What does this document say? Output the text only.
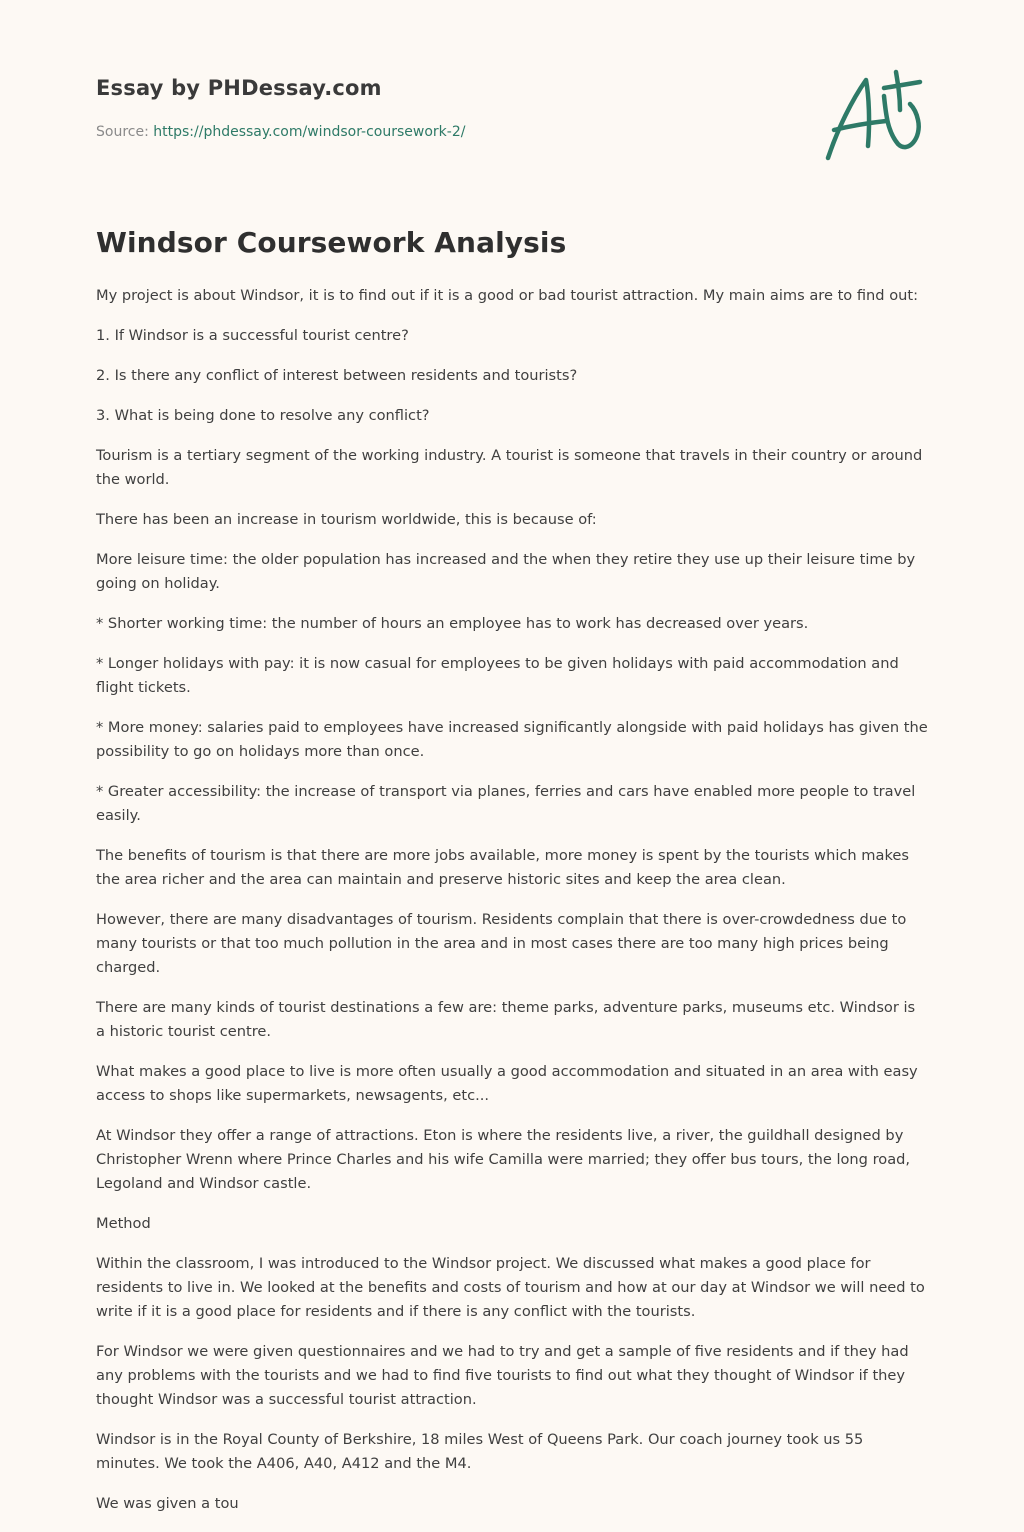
Essay by PHDessay.com
Source: https://phdessay.com/windsor-coursework-2/
Windsor Coursework Analysis

My project is about Windsor, it is to find out if it is a good or bad tourist attraction. My main aims are to find out:

1. If Windsor is a successful tourist centre?

2. Is there any conflict of interest between residents and tourists?

3. What is being done to resolve any conflict?

Tourism is a tertiary segment of the working industry. A tourist is someone that travels in their country or around the world.

There has been an increase in tourism worldwide, this is because of:

More leisure time: the older population has increased and the when they retire they use up their leisure time by going on holiday.

* Shorter working time: the number of hours an employee has to work has decreased over years.

* Longer holidays with pay: it is now casual for employees to be given holidays with paid accommodation and flight tickets.

* More money: salaries paid to employees have increased significantly alongside with paid holidays has given the possibility to go on holidays more than once.

* Greater accessibility: the increase of transport via planes, ferries and cars have enabled more people to travel easily.

The benefits of tourism is that there are more jobs available, more money is spent by the tourists which makes the area richer and the area can maintain and preserve historic sites and keep the area clean.

However, there are many disadvantages of tourism. Residents complain that there is over-crowdedness due to many tourists or that too much pollution in the area and in most cases there are too many high prices being charged.

There are many kinds of tourist destinations a few are: theme parks, adventure parks, museums etc. Windsor is a historic tourist centre.

What makes a good place to live is more often usually a good accommodation and situated in an area with easy access to shops like supermarkets, newsagents, etc...

At Windsor they offer a range of attractions. Eton is where the residents live, a river, the guildhall designed by Christopher Wrenn where Prince Charles and his wife Camilla were married; they offer bus tours, the long road, Legoland and Windsor castle.

Method

Within the classroom, I was introduced to the Windsor project. We discussed what makes a good place for residents to live in. We looked at the benefits and costs of tourism and how at our day at Windsor we will need to write if it is a good place for residents and if there is any conflict with the tourists.

For Windsor we were given questionnaires and we had to try and get a sample of five residents and if they had any problems with the tourists and we had to find five tourists to find out what they thought of Windsor if they thought Windsor was a successful tourist attraction.

Windsor is in the Royal County of Berkshire, 18 miles West of Queens Park. Our coach journey took us 55 minutes. We took the A406, A40, A412 and the M4.

We was given a tou
